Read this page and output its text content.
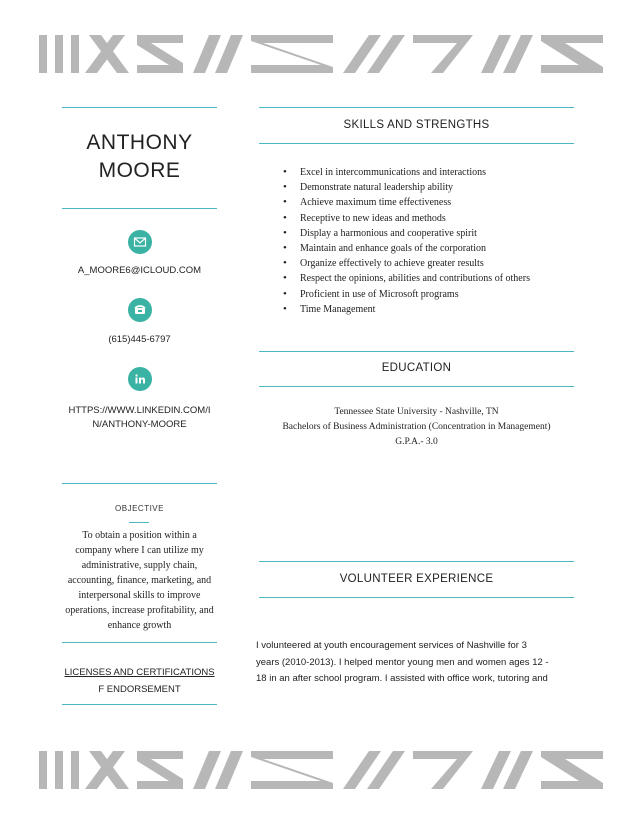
ANTHONY
MOORE
A_MOORE6@ICLOUD.COM
(615)445-6797
HTTPS://WWW.LINKEDIN.COM/I
N/ANTHONY-MOORE
OBJECTIVE
To obtain a position within a
company where I can utilize my
administrative, supply chain,
accounting, finance, marketing, and
interpersonal skills to improve
operations, increase profitability, and
enhance growth
LICENSES AND CERTIFICATIONS
F ENDORSEMENT
SKILLS AND STRENGTHS
• Excel in intercommunications and interactions
• Demonstrate natural leadership ability
• Achieve maximum time effectiveness
• Receptive to new ideas and methods
• Display a harmonious and cooperative spirit
• Maintain and enhance goals of the corporation
• Organize effectively to achieve greater results
• Respect the opinions, abilities and contributions of others
• Proficient in use of Microsoft programs
• Time Management
EDUCATION
Tennessee State University - Nashville, TN
Bachelors of Business Administration (Concentration in Management)
G.P.A.- 3.0
VOLUNTEER EXPERIENCE
I volunteered at youth encouragement services of Nashville for 3
years (2010-2013). I helped mentor young men and women ages 12 -
18 in an after school program. I assisted with office work, tutoring and
